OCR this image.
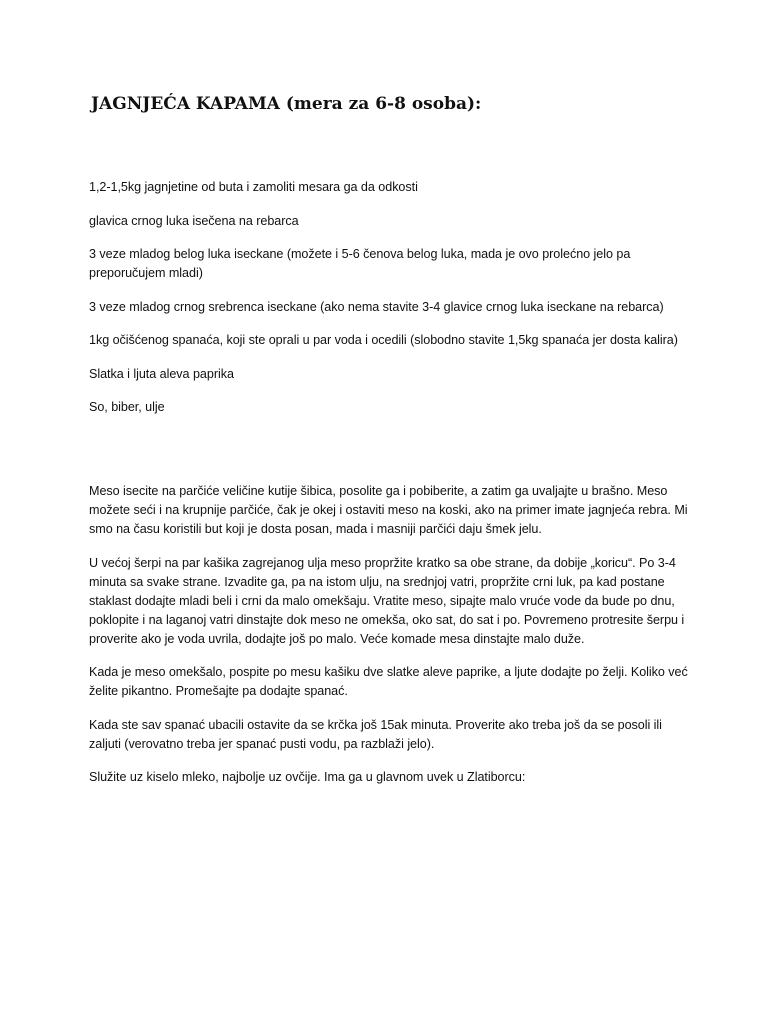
JAGNJEĆA KAPAMA (mera za 6-8 osoba):
1,2-1,5kg jagnjetine od buta i zamoliti mesara ga da odkosti
glavica crnog luka isečena na rebarca
3 veze mladog belog luka iseckane (možete i 5-6 čenova belog luka, mada je ovo prolećno jelo pa preporučujem mladi)
3 veze mladog crnog srebrenca iseckane (ako nema stavite 3-4 glavice crnog luka iseckane na rebarca)
1kg očišćenog spanaća, koji ste oprali u par voda i ocedili (slobodno stavite 1,5kg spanaća jer dosta kalira)
Slatka i ljuta aleva paprika
So, biber, ulje

Meso isecite na parčiće veličine kutije šibica, posolite ga i pobiberite, a zatim ga uvaljajte u brašno. Meso možete seći i na krupnije parčiće, čak je okej i ostaviti meso na koski, ako na primer imate jagnjeća rebra. Mi smo na času koristili but koji je dosta posan, mada i masniji parčići daju šmek jelu.

U većoj šerpi na par kašika zagrejanog ulja meso propržite kratko sa obe strane, da dobije „koricu“. Po 3-4 minuta sa svake strane. Izvadite ga, pa na istom ulju, na srednjoj vatri, propržite crni luk, pa kad postane staklast dodajte mladi beli i crni da malo omekšaju. Vratite meso, sipajte malo vruće vode da bude po dnu, poklopite i na laganoj vatri dinstajte dok meso ne omekša, oko sat, do sat i po. Povremeno protresite šerpu i proverite ako je voda uvrila, dodajte još po malo. Veće komade mesa dinstajte malo duže.

Kada je meso omekšalo, pospite po mesu kašiku dve slatke aleve paprike, a ljute dodajte po želji. Koliko već želite pikantno. Promešajte pa dodajte spanać.

Kada ste sav spanać ubacili ostavite da se krčka još 15ak minuta. Proverite ako treba još da se posoli ili zaljuti (verovatno treba jer spanać pusti vodu, pa razblaži jelo).

Služite uz kiselo mleko, najbolje uz ovčije. Ima ga u glavnom uvek u Zlatiborcu:
